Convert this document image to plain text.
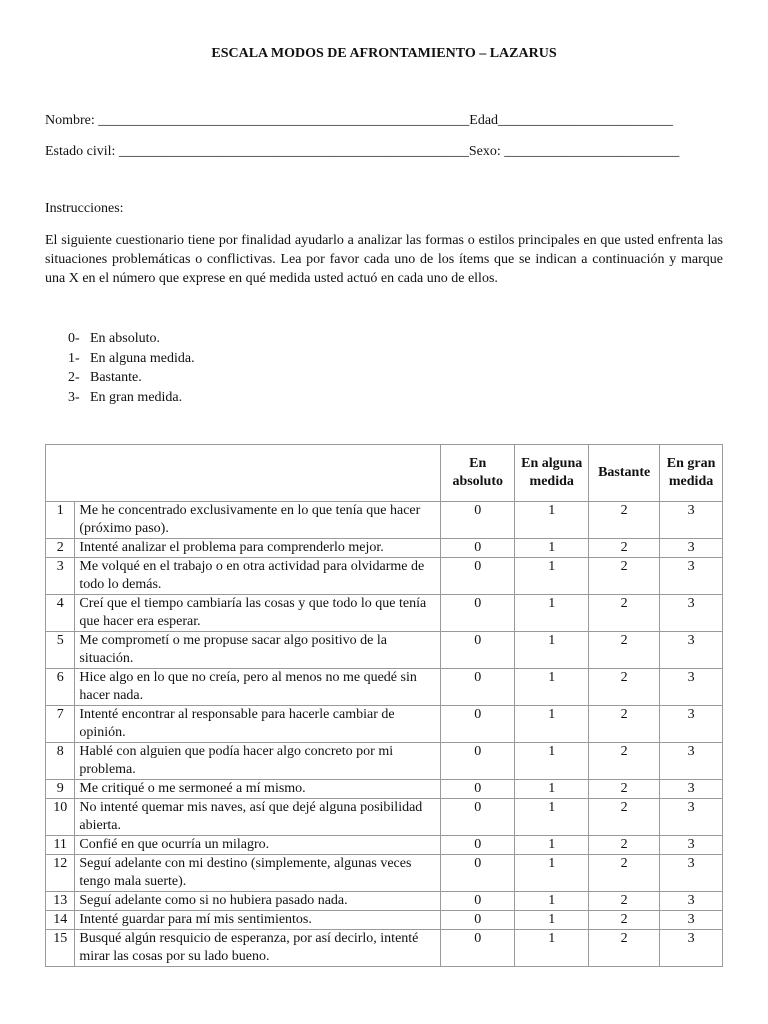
ESCALA MODOS DE AFRONTAMIENTO – LAZARUS
Nombre: _____________________________________________________Edad_________________________
Estado civil: __________________________________________________Sexo: _________________________
Instrucciones:
El siguiente cuestionario tiene por finalidad ayudarlo a analizar las formas o estilos principales en que usted enfrenta las situaciones problemáticas o conflictivas. Lea por favor cada uno de los ítems que se indican a continuación y marque una X en el número que exprese en qué medida usted actuó en cada uno de ellos.
0- En absoluto.
1- En alguna medida.
2- Bastante.
3- En gran medida.
		En absoluto	En alguna medida	Bastante	En gran medida
1	Me he concentrado exclusivamente en lo que tenía que hacer (próximo paso).	0	1	2	3
2	Intenté analizar el problema para comprenderlo mejor.	0	1	2	3
3	Me volqué en el trabajo o en otra actividad para olvidarme de todo lo demás.	0	1	2	3
4	Creí que el tiempo cambiaría las cosas y que todo lo que tenía que hacer era esperar.	0	1	2	3
5	Me comprometí o me propuse sacar algo positivo de la situación.	0	1	2	3
6	Hice algo en lo que no creía, pero al menos no me quedé sin hacer nada.	0	1	2	3
7	Intenté encontrar al responsable para hacerle cambiar de opinión.	0	1	2	3
8	Hablé con alguien que podía hacer algo concreto por mi problema.	0	1	2	3
9	Me critiqué o me sermoneé a mí mismo.	0	1	2	3
10	No intenté quemar mis naves, así que dejé alguna posibilidad abierta.	0	1	2	3
11	Confié en que ocurría un milagro.	0	1	2	3
12	Seguí adelante con mi destino (simplemente, algunas veces tengo mala suerte).	0	1	2	3
13	Seguí adelante como si no hubiera pasado nada.	0	1	2	3
14	Intenté guardar para mí mis sentimientos.	0	1	2	3
15	Busqué algún resquicio de esperanza, por así decirlo, intenté mirar las cosas por su lado bueno.	0	1	2	3
